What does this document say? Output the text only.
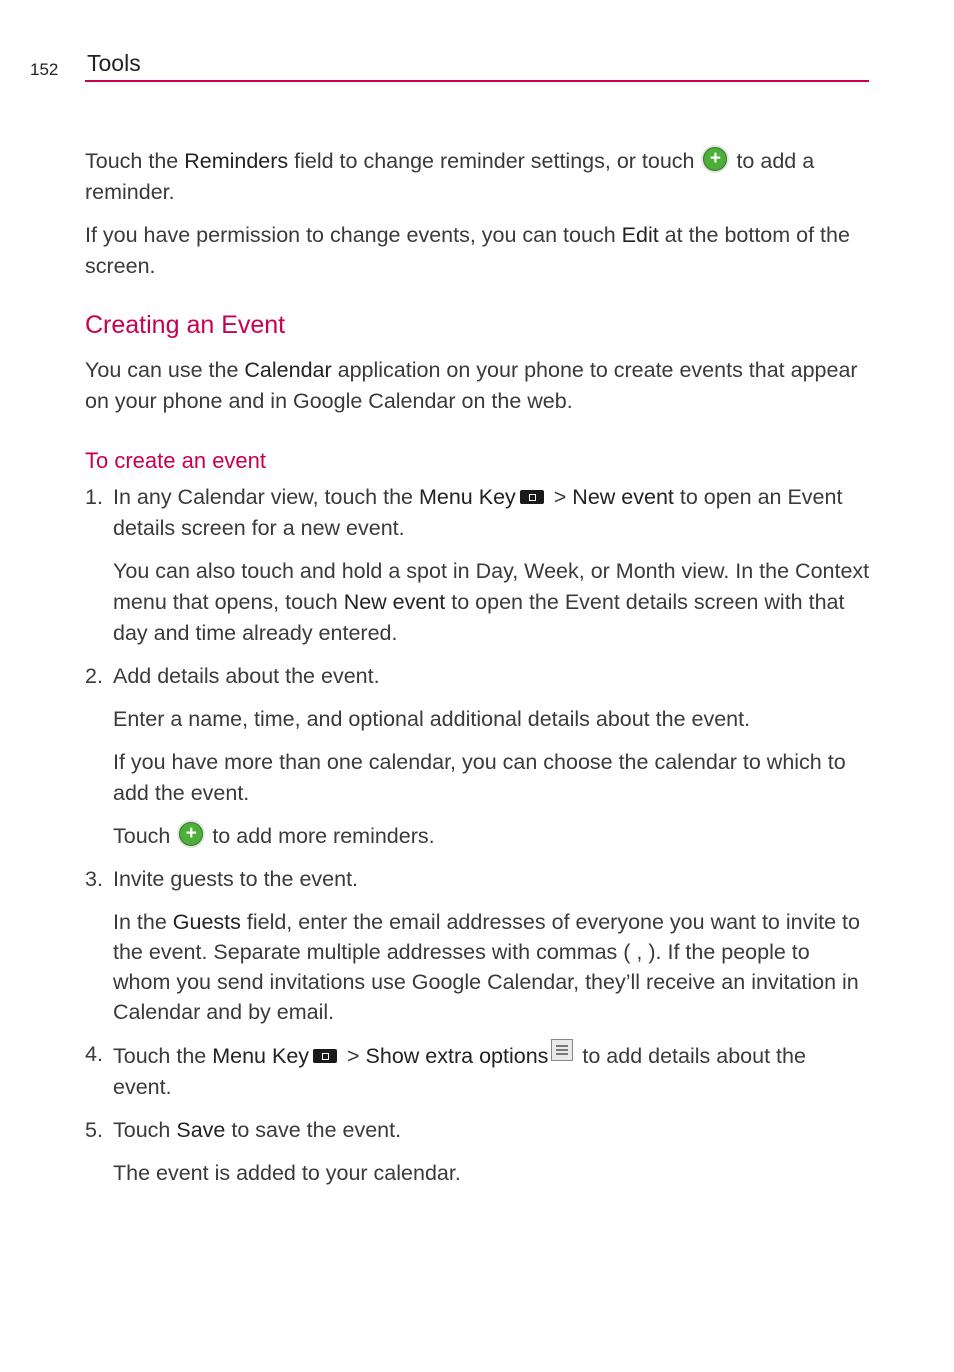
152 Tools

Touch the Reminders field to change reminder settings, or touch + to add a reminder.

If you have permission to change events, you can touch Edit at the bottom of the screen.

Creating an Event

You can use the Calendar application on your phone to create events that appear on your phone and in Google Calendar on the web.

To create an event
1. In any Calendar view, touch the Menu Key > New event to open an Event details screen for a new event.

You can also touch and hold a spot in Day, Week, or Month view. In the Context menu that opens, touch New event to open the Event details screen with that day and time already entered.

2. Add details about the event.

Enter a name, time, and optional additional details about the event.

If you have more than one calendar, you can choose the calendar to which to add the event.

Touch + to add more reminders.

3. Invite guests to the event.

In the Guests field, enter the email addresses of everyone you want to invite to the event. Separate multiple addresses with commas ( , ). If the people to whom you send invitations use Google Calendar, they’ll receive an invitation in Calendar and by email.

4. Touch the Menu Key > Show extra options to add details about the event.

5. Touch Save to save the event.

The event is added to your calendar.
